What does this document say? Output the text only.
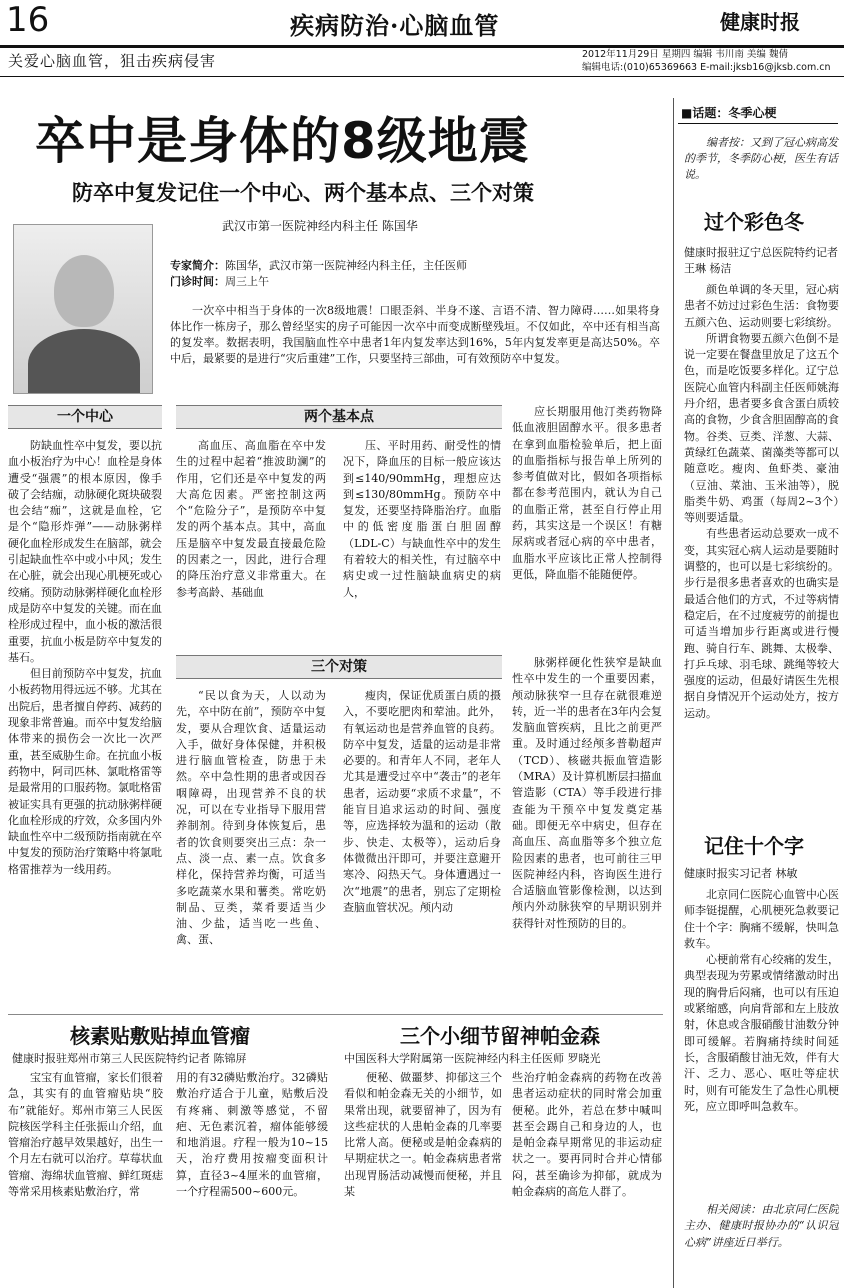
16	疾病防治·心脑血管	健康时报
关爱心脑血管，狙击疾病侵害	2012年11月29日 星期四 编辑 韦川南 美编 魏倩
编辑电话:(010)65369663 E-mail:jksb16@jksb.com.cn
卒中是身体的8级地震
防卒中复发记住一个中心、两个基本点、三个对策
武汉市第一医院神经内科主任 陈国华
专家简介：陈国华，武汉市第一医院神经内科主任，主任医师
门诊时间：周三上午
一次卒中相当于身体的一次8级地震！口眼歪斜、半身不遂、言语不清、智力障碍……如果将身体比作一栋房子，那么曾经坚实的房子可能因一次卒中而变成断壁残垣。不仅如此，卒中还有相当高的复发率。数据表明，我国脑血性卒中患者1年内复发率达到16%，5年内复发率更是高达50%。卒中后，最紧要的是进行“灾后重建”工作，只要坚持三部曲，可有效预防卒中复发。
一个中心

防缺血性卒中复发，要以抗血小板治疗为中心！血栓是身体遭受“强震”的根本原因，像手破了会结痂，动脉硬化斑块破裂也会结“痂”，这就是血栓，它是个“隐形炸弹”——动脉粥样硬化血栓形成发生在脑部，就会引起缺血性卒中或小中风；发生在心脏，就会出现心肌梗死或心绞痛。预防动脉粥样硬化血栓形成是防卒中复发的关键。而在血栓形成过程中，血小板的激活很重要，抗血小板是防卒中复发的基石。

但目前预防卒中复发，抗血小板药物用得远远不够。尤其在出院后，患者擅自停药、减药的现象非常普遍。而卒中复发给脑体带来的损伤会一次比一次严重，甚至威胁生命。在抗血小板药物中，阿司匹林、氯吡格雷等是最常用的口服药物。氯吡格雷被证实具有更强的抗动脉粥样硬化血栓形成的疗效，众多国内外缺血性卒中二级预防指南就在卒中复发的预防治疗策略中将氯吡格雷推荐为一线用药。

两个基本点
高血压、高血脂在卒中发生的过程中起着“推波助澜”的作用，它们还是卒中复发的两大高危因素。严密控制这两个“危险分子”，是预防卒中复发的两个基本点。其中，高血压是脑卒中复发最直接最危险的因素之一，因此，进行合理的降压治疗意义非常重大。在参考高龄、基础血
压、平时用药、耐受性的情况下，降血压的目标一般应该达到≤140/90mmHg，理想应达到≤130/80mmHg。预防卒中复发，还要坚持降脂治疗。血脂中的低密度脂蛋白胆固醇（LDL-C）与缺血性卒中的发生有着较大的相关性，有过脑卒中病史或一过性脑缺血病史的病人，
应长期服用他汀类药物降低血液胆固醇水平。很多患者在拿到血脂检验单后，把上面的血脂指标与报告单上所列的参考值做对比，假如各项指标都在参考范围内，就认为自己的血脂正常，甚至自行停止用药，其实这是一个误区！有糖尿病或者冠心病的卒中患者，血脂水平应该比正常人控制得更低，降血脂不能随便停。
三个对策
“民以食为天，人以动为先，卒中防在前”，预防卒中复发，要从合理饮食、适量运动入手，做好身体保健，并积极进行脑血管检查，防患于未然。卒中急性期的患者或因吞咽障碍，出现营养不良的状况，可以在专业指导下服用营养制剂。待到身体恢复后，患者的饮食则要突出三点：杂一点、淡一点、素一点。饮食多样化，保持营养均衡，可适当多吃蔬菜水果和薯类。常吃奶制品、豆类，菜肴要适当少油、少盐，适当吃一些鱼、禽、蛋、
瘦肉，保证优质蛋白质的摄入，不要吃肥肉和荤油。此外，有氧运动也是营养血管的良药。防卒中复发，适量的运动是非常必要的。和青年人不同，老年人尤其是遭受过卒中“袭击”的老年患者，运动要“求质不求量”，不能盲目追求运动的时间、强度等，应选择较为温和的运动（散步、快走、太极等），运动后身体微微出汗即可，并要注意避开寒冷、闷热天气。身体遭遇过一次“地震”的患者，别忘了定期检查脑血管状况。颅内动
脉粥样硬化性狭窄是缺血性卒中发生的一个重要因素，颅动脉狭窄一旦存在就很难逆转，近一半的患者在3年内会复发脑血管疾病，且比之前更严重。及时通过经颅多普勒超声（TCD）、核磁共振血管造影（MRA）及计算机断层扫描血管造影（CTA）等手段进行排查能为干预卒中复发奠定基础。即便无卒中病史，但存在高血压、高血脂等多个独立危险因素的患者，也可前往三甲医院神经内科，咨询医生进行合适脑血管影像检测，以达到颅内外动脉狭窄的早期识别并获得针对性预防的目的。
核素贴敷贴掉血管瘤
健康时报驻郑州市第三人民医院特约记者 陈锦屏
宝宝有血管瘤，家长们很着急，其实有的血管瘤贴块“胶布”就能好。郑州市第三人民医院核医学科主任张振山介绍，血管瘤治疗越早效果越好，出生一个月左右就可以治疗。草莓状血管瘤、海绵状血管瘤、鲜红斑痣等常采用核素贴敷治疗，常
用的有32磷贴敷治疗。32磷贴敷治疗适合于儿童，贴敷后没有疼痛、刺激等感觉，不留疤、无色素沉着，瘤体能够缓和地消退。疗程一般为10~15天，治疗费用按瘤变面积计算，直径3~4厘米的血管瘤，一个疗程需500~600元。
三个小细节留神帕金森
中国医科大学附属第一医院神经内科主任医师 罗晓光
便秘、做噩梦、抑郁这三个看似和帕金森无关的小细节，如果常出现，就要留神了，因为有这些症状的人患帕金森的几率要比常人高。便秘或是帕金森病的早期症状之一。帕金森病患者常出现胃肠活动减慢而便秘，并且某
些治疗帕金森病的药物在改善患者运动症状的同时常会加重便秘。此外，若总在梦中喊叫甚至会踢自己和身边的人，也是帕金森早期常见的非运动症状之一。要再同时合并心情郁闷，甚至确诊为抑郁，就成为帕金森病的高危人群了。
■话题：冬季心梗
编者按：又到了冠心病高发的季节，冬季防心梗，医生有话说。
过个彩色冬
健康时报驻辽宁总医院特约记者 王琳 杨洁

颜色单调的冬天里，冠心病患者不妨过过彩色生活：食物要五颜六色、运动则要七彩缤纷。

所谓食物要五颜六色倒不是说一定要在餐盘里放足了这五个色，而是吃饭要多样化。辽宁总医院心血管内科副主任医师姚海丹介绍，患者要多食含蛋白质较高的食物，少食含胆固醇高的食物。谷类、豆类、洋葱、大蒜、黄绿红色蔬菜、菌藻类等都可以随意吃。瘦肉、鱼虾类、豪油（豆油、菜油、玉米油等），脱脂类牛奶、鸡蛋（每周2~3个）等则要适量。

有些患者运动总要欢一成不变，其实冠心病人运动是要随时调整的，也可以是七彩缤纷的。步行是很多患者喜欢的也确实是最适合他们的方式，不过等病情稳定后，在不过度疲劳的前提也可适当增加步行距离或进行慢跑、骑自行车、跳舞、太极拳、打乒乓球、羽毛球、跳绳等较大强度的运动，但最好请医生先根据自身情况开个运动处方，按方运动。

记住十个字
健康时报实习记者 林敏

北京同仁医院心血管中心医师李铤提醒，心肌梗死急救要记住十个字：胸痛不缓解，快叫急救车。

心梗前常有心绞痛的发生，典型表现为劳累或情绪激动时出现的胸骨后闷痛，也可以有压迫或紧缩感，向肩背部和左上肢放射，休息或含服硝酸甘油数分钟即可缓解。若胸痛持续时间延长，含服硝酸甘油无效，伴有大汗、乏力、恶心、呕吐等症状时，则有可能发生了急性心肌梗死，应立即呼叫急救车。

相关阅读：由北京同仁医院主办、健康时报协办的“认识冠心病”讲座近日举行。
